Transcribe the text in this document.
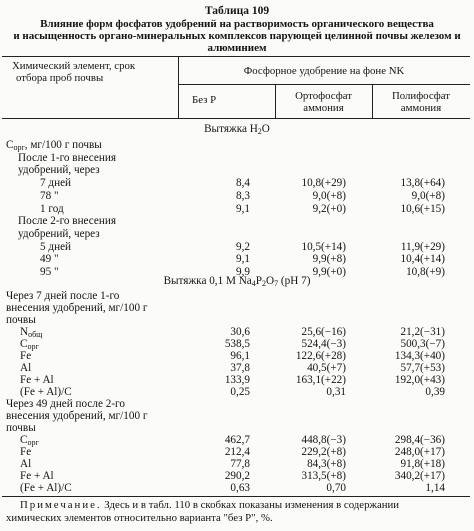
Таблица 109
Влияние форм фосфатов удобрений на растворимость органического вещества
и насыщенность органо-минеральных комплексов парующей целинной почвы железом и
алюминием
Химический элемент, срок
отбора проб почвы
Фосфорное удобрение на фоне NK
Без Р	Ортофосфат
аммония
Полифосфат
аммония
Вытяжка $H_2O$
$C_{орг}$, мг/100 г почвы
После 1-го внесения
удобрений, через
7 дней	8,4	10,8(+29)	13,8(+64)
78 "	8,3	9,0(+8)	9,0(+8)
1 год	9,1	9,2(+0)	10,6(+15)
После 2-го внесения
удобрений, через
5 дней	9,2	10,5(+14)	11,9(+29)
49 "	9,1	9,9(+8)	10,4(+14)
95 "	9,9	9,9(+0)	10,8(+9)
Вытяжка 0,1 М $Na_4P_2O_7$ (рН 7)
Через 7 дней после 1-го
внесения удобрений, мг/100 г
почвы
$N_{общ}$	30,6	25,6(−16)	21,2(−31)
$C_{орг}$	538,5	524,4(−3)	500,3(−7)
Fe	96,1	122,6(+28)	134,3(+40)
Al	37,8	40,5(+7)	57,7(+53)
Fe + Al	133,9	163,1(+22)	192,0(+43)
(Fe + Al)/C	0,25	0,31	0,39
Через 49 дней после 2-го
внесения удобрений, мг/100 г
почвы
$C_{орг}$	462,7	448,8(−3)	298,4(−36)
Fe	212,4	229,2(+8)	248,0(+17)
Al	77,8	84,3(+8)	91,8(+18)
Fe + Al	290,2	313,5(+8)	340,2(+17)
(Fe + Al)/C	0,63	0,70	1,14
Примечание. Здесь и в табл. 110 в скобках показаны изменения в содержании
химических элементов относительно варианта "без Р", %.
